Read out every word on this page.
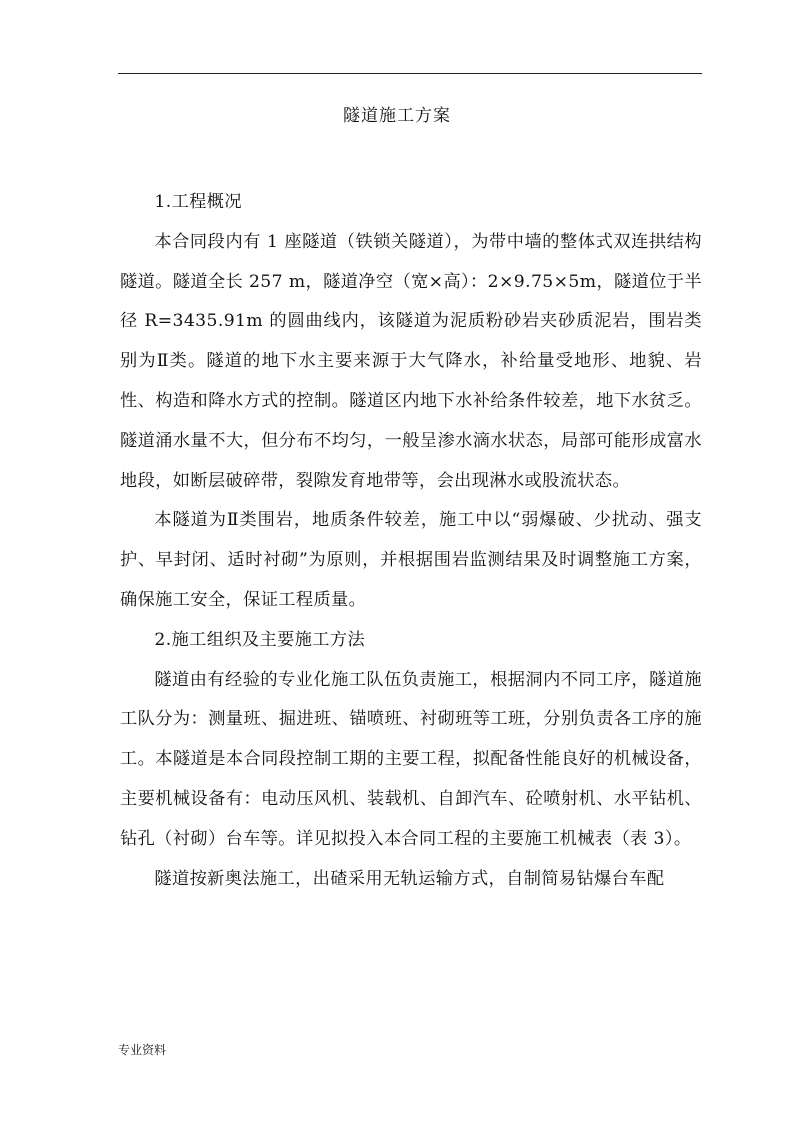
隧道施工方案

1.工程概况

本合同段内有 1 座隧道（铁锁关隧道），为带中墙的整体式双连拱结构隧道。隧道全长 257 m，隧道净空（宽×高）：2×9.75×5m，隧道位于半径 R=3435.91m 的圆曲线内，该隧道为泥质粉砂岩夹砂质泥岩，围岩类别为Ⅱ类。隧道的地下水主要来源于大气降水，补给量受地形、地貌、岩性、构造和降水方式的控制。隧道区内地下水补给条件较差，地下水贫乏。隧道涌水量不大，但分布不均匀，一般呈渗水滴水状态，局部可能形成富水地段，如断层破碎带，裂隙发育地带等，会出现淋水或股流状态。

本隧道为Ⅱ类围岩，地质条件较差，施工中以“弱爆破、少扰动、强支护、早封闭、适时衬砌”为原则，并根据围岩监测结果及时调整施工方案，确保施工安全，保证工程质量。

2.施工组织及主要施工方法

隧道由有经验的专业化施工队伍负责施工，根据洞内不同工序，隧道施工队分为：测量班、掘进班、锚喷班、衬砌班等工班，分别负责各工序的施工。本隧道是本合同段控制工期的主要工程，拟配备性能良好的机械设备，主要机械设备有：电动压风机、装载机、自卸汽车、砼喷射机、水平钻机、钻孔（衬砌）台车等。详见拟投入本合同工程的主要施工机械表（表 3）。

隧道按新奥法施工，出碴采用无轨运输方式，自制简易钻爆台车配

专业资料
